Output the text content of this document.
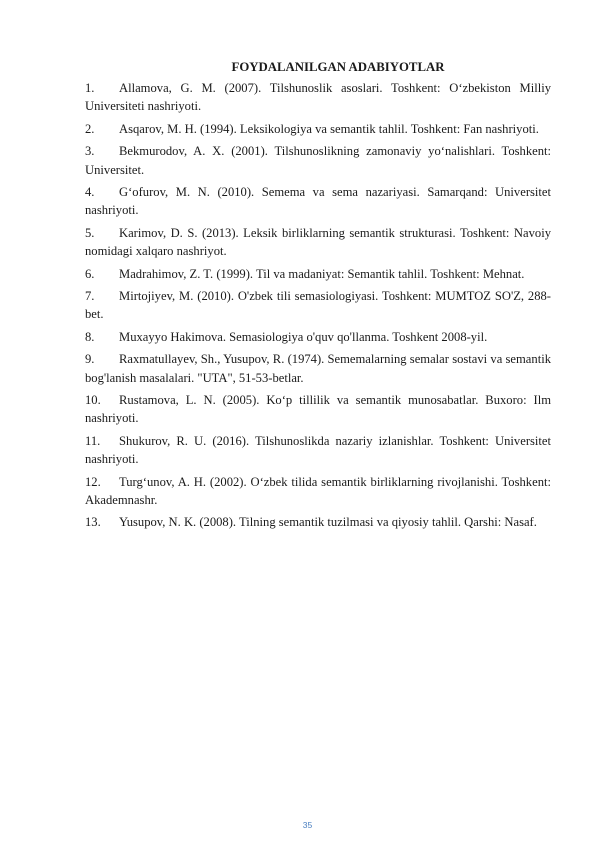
FOYDALANILGAN ADABIYOTLAR
1. Allamova, G. M. (2007). Tilshunoslik asoslari. Toshkent: O‘zbekiston Milliy Universiteti nashriyoti.
2. Asqarov, M. H. (1994). Leksikologiya va semantik tahlil. Toshkent: Fan nashriyoti.
3. Bekmurodov, A. X. (2001). Tilshunoslikning zamonaviy yo‘nalishlari. Toshkent: Universitet.
4. G‘ofurov, M. N. (2010). Semema va sema nazariyasi. Samarqand: Universitet nashriyoti.
5. Karimov, D. S. (2013). Leksik birliklarning semantik strukturasi. Toshkent: Navoiy nomidagi xalqaro nashriyot.
6. Madrahimov, Z. T. (1999). Til va madaniyat: Semantik tahlil. Toshkent: Mehnat.
7. Mirtojiyev, M. (2010). O'zbek tili semasiologiyasi. Toshkent: MUMTOZ SO'Z, 288-bet.
8. Muxayyo Hakimova. Semasiologiya o'quv qo'llanma. Toshkent 2008-yil.
9. Raxmatullayev, Sh., Yusupov, R. (1974). Sememalarning semalar sostavi va semantik bog'lanish masalalari. "UTA", 51-53-betlar.
10. Rustamova, L. N. (2005). Ko‘p tillilik va semantik munosabatlar. Buxoro: Ilm nashriyoti.
11. Shukurov, R. U. (2016). Tilshunoslikda nazariy izlanishlar. Toshkent: Universitet nashriyoti.
12. Turg‘unov, A. H. (2002). O‘zbek tilida semantik birliklarning rivojlanishi. Toshkent: Akademnashr.
13. Yusupov, N. K. (2008). Tilning semantik tuzilmasi va qiyosiy tahlil. Qarshi: Nasaf.
35
